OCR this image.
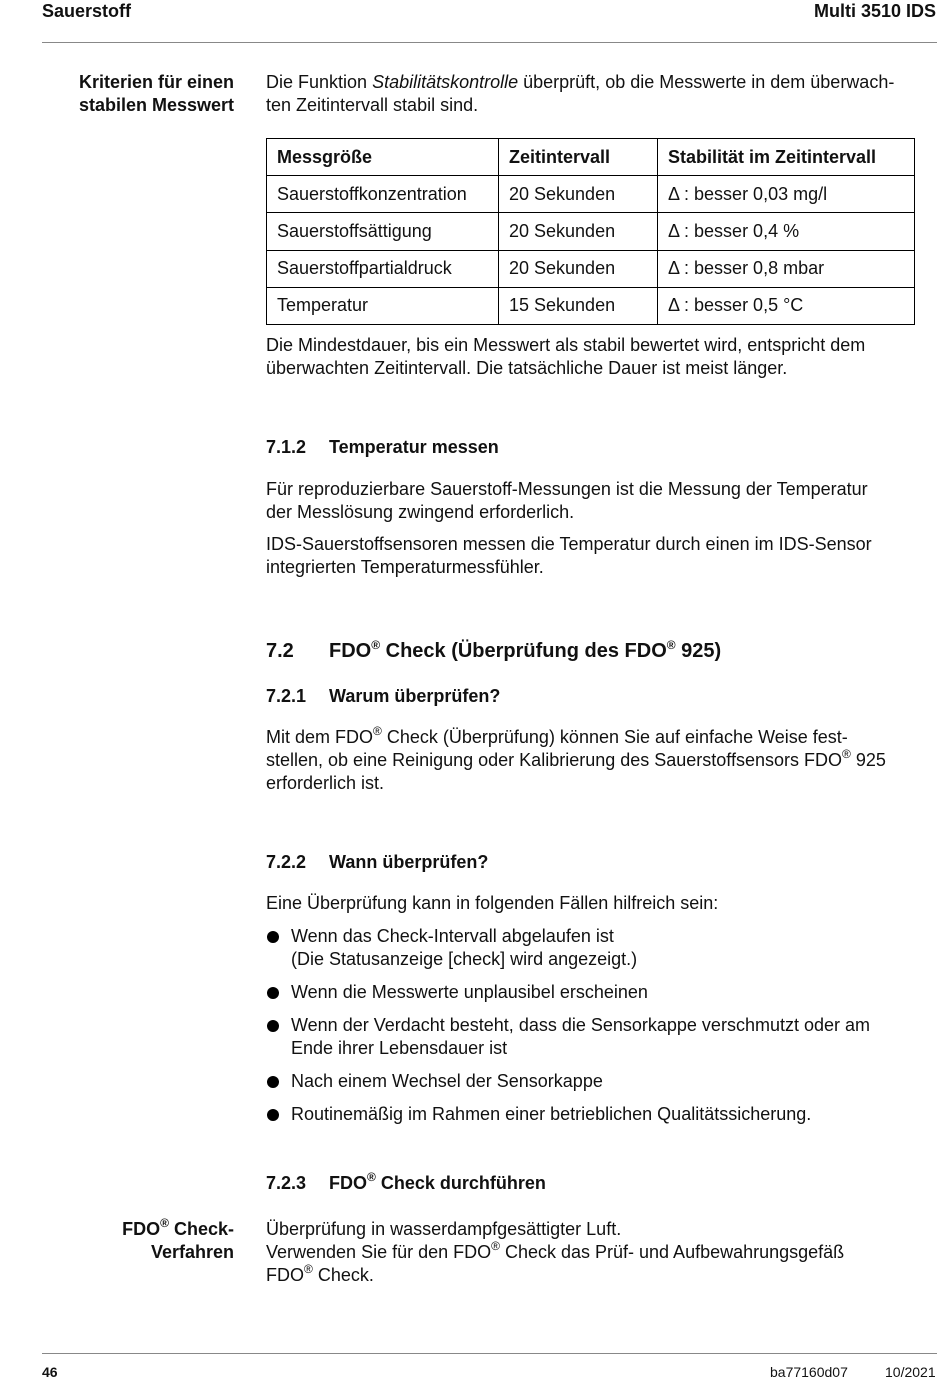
Sauerstoff	Multi 3510 IDS
Kriterien für einen
stabilen Messwert
Die Funktion Stabilitätskontrolle überprüft, ob die Messwerte in dem überwach-
ten Zeitintervall stabil sind.
Messgröße	Zeitintervall	Stabilität im Zeitintervall
Sauerstoffkonzentration	20 Sekunden	Δ : besser 0,03 mg/l
Sauerstoffsättigung	20 Sekunden	Δ : besser 0,4 %
Sauerstoffpartialdruck	20 Sekunden	Δ : besser 0,8 mbar
Temperatur	15 Sekunden	Δ : besser 0,5 °C
Die Mindestdauer, bis ein Messwert als stabil bewertet wird, entspricht dem
überwachten Zeitintervall. Die tatsächliche Dauer ist meist länger.
7.1.2 Temperatur messen
Für reproduzierbare Sauerstoff-Messungen ist die Messung der Temperatur
der Messlösung zwingend erforderlich.
IDS-Sauerstoffsensoren messen die Temperatur durch einen im IDS-Sensor
integrierten Temperaturmessfühler.
7.2 FDO® Check (Überprüfung des FDO® 925)
7.2.1 Warum überprüfen?
Mit dem FDO® Check (Überprüfung) können Sie auf einfache Weise fest-
stellen, ob eine Reinigung oder Kalibrierung des Sauerstoffsensors FDO® 925
erforderlich ist.
7.2.2 Wann überprüfen?
Eine Überprüfung kann in folgenden Fällen hilfreich sein:
Wenn das Check-Intervall abgelaufen ist
(Die Statusanzeige [check] wird angezeigt.)
Wenn die Messwerte unplausibel erscheinen
Wenn der Verdacht besteht, dass die Sensorkappe verschmutzt oder am
Ende ihrer Lebensdauer ist
Nach einem Wechsel der Sensorkappe
Routinemäßig im Rahmen einer betrieblichen Qualitätssicherung.
7.2.3 FDO® Check durchführen
FDO® Check-
Verfahren
Überprüfung in wasserdampfgesättigter Luft.
Verwenden Sie für den FDO® Check das Prüf- und Aufbewahrungsgefäß
FDO® Check.
46	ba77160d07	10/2021
